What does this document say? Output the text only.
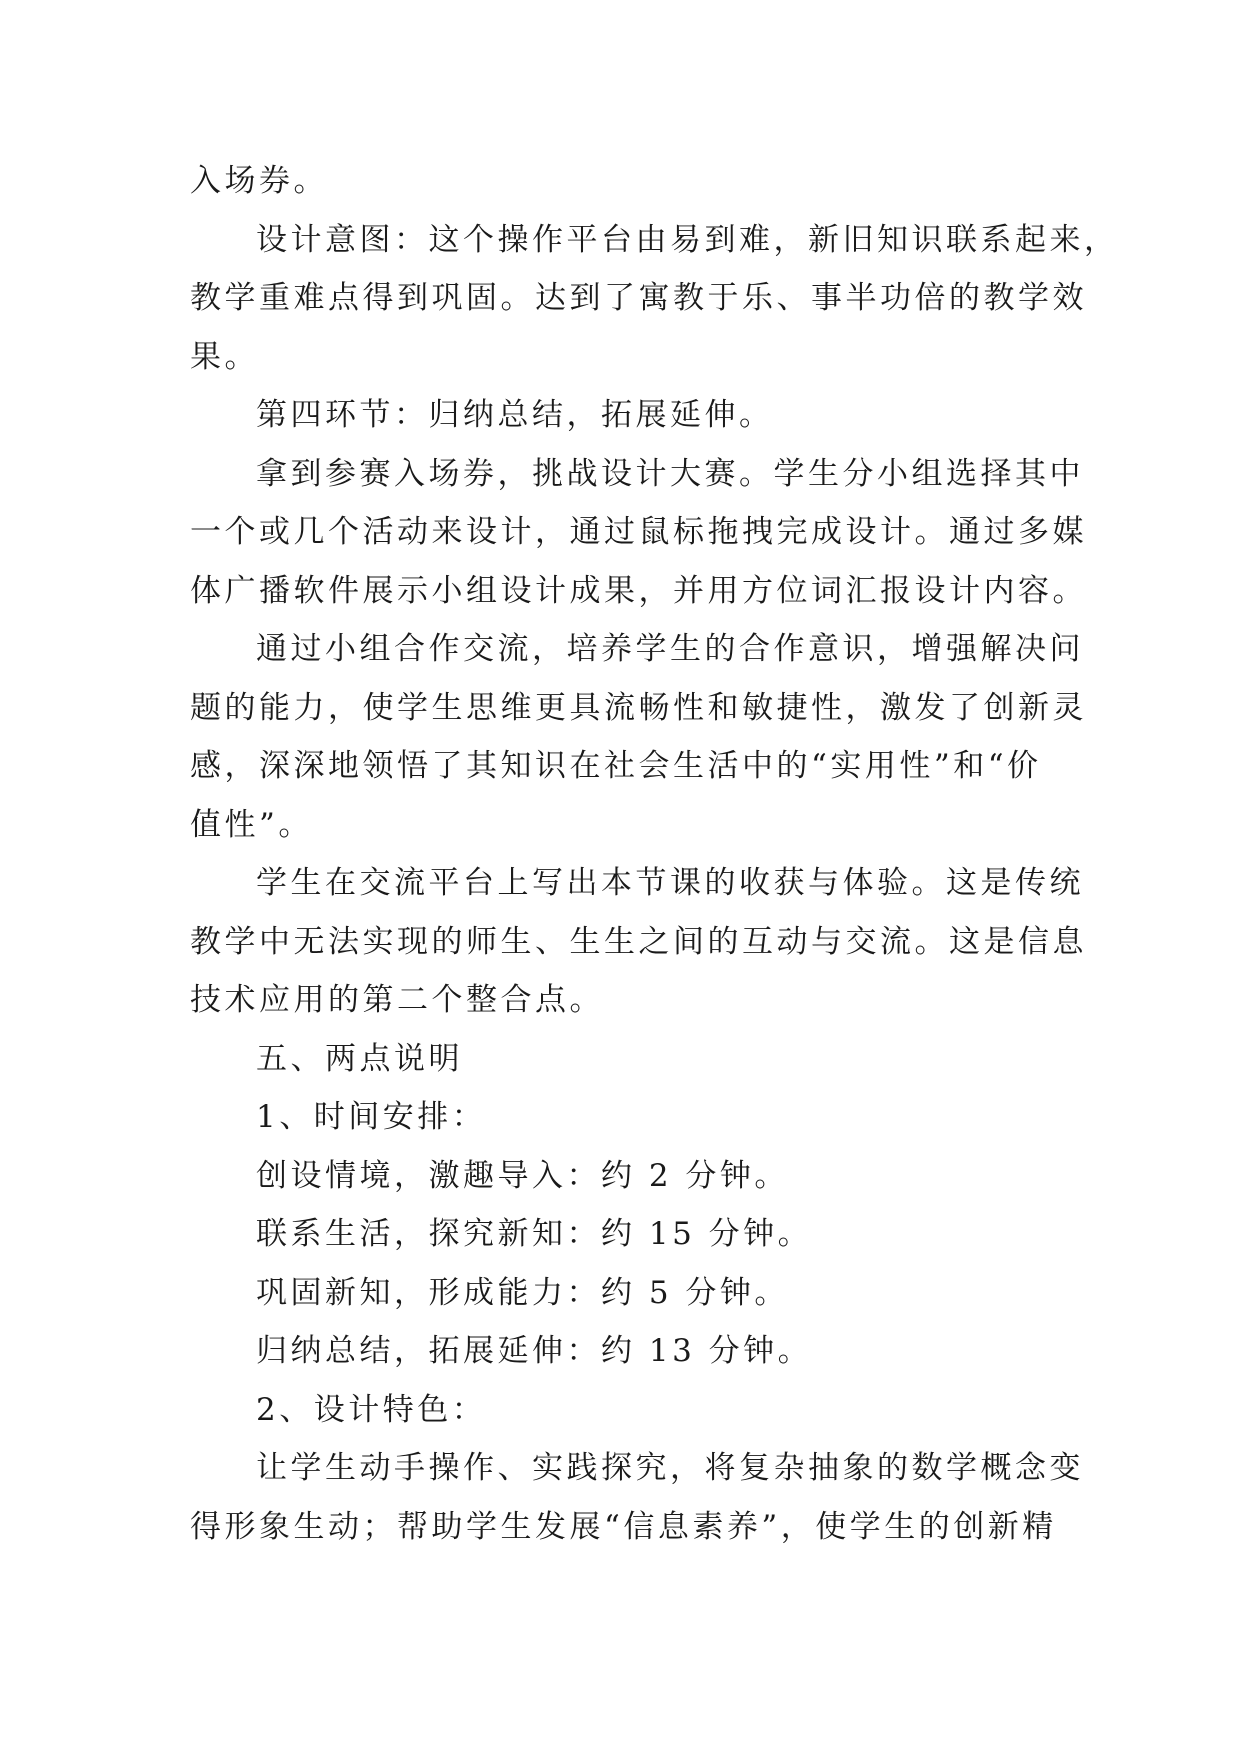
入场券。
设计意图：这个操作平台由易到难，新旧知识联系起来，
教学重难点得到巩固。达到了寓教于乐、事半功倍的教学效
果。
第四环节：归纳总结，拓展延伸。
拿到参赛入场券，挑战设计大赛。学生分小组选择其中
一个或几个活动来设计，通过鼠标拖拽完成设计。通过多媒
体广播软件展示小组设计成果，并用方位词汇报设计内容。
通过小组合作交流，培养学生的合作意识，增强解决问
题的能力，使学生思维更具流畅性和敏捷性，激发了创新灵
感，深深地领悟了其知识在社会生活中的“实用性”和“价
值性”。
学生在交流平台上写出本节课的收获与体验。这是传统
教学中无法实现的师生、生生之间的互动与交流。这是信息
技术应用的第二个整合点。
五、两点说明
1、时间安排：
创设情境，激趣导入：约 2 分钟。
联系生活，探究新知：约 15 分钟。
巩固新知，形成能力：约 5 分钟。
归纳总结，拓展延伸：约 13 分钟。
2、设计特色：
让学生动手操作、实践探究，将复杂抽象的数学概念变
得形象生动；帮助学生发展“信息素养”，使学生的创新精
